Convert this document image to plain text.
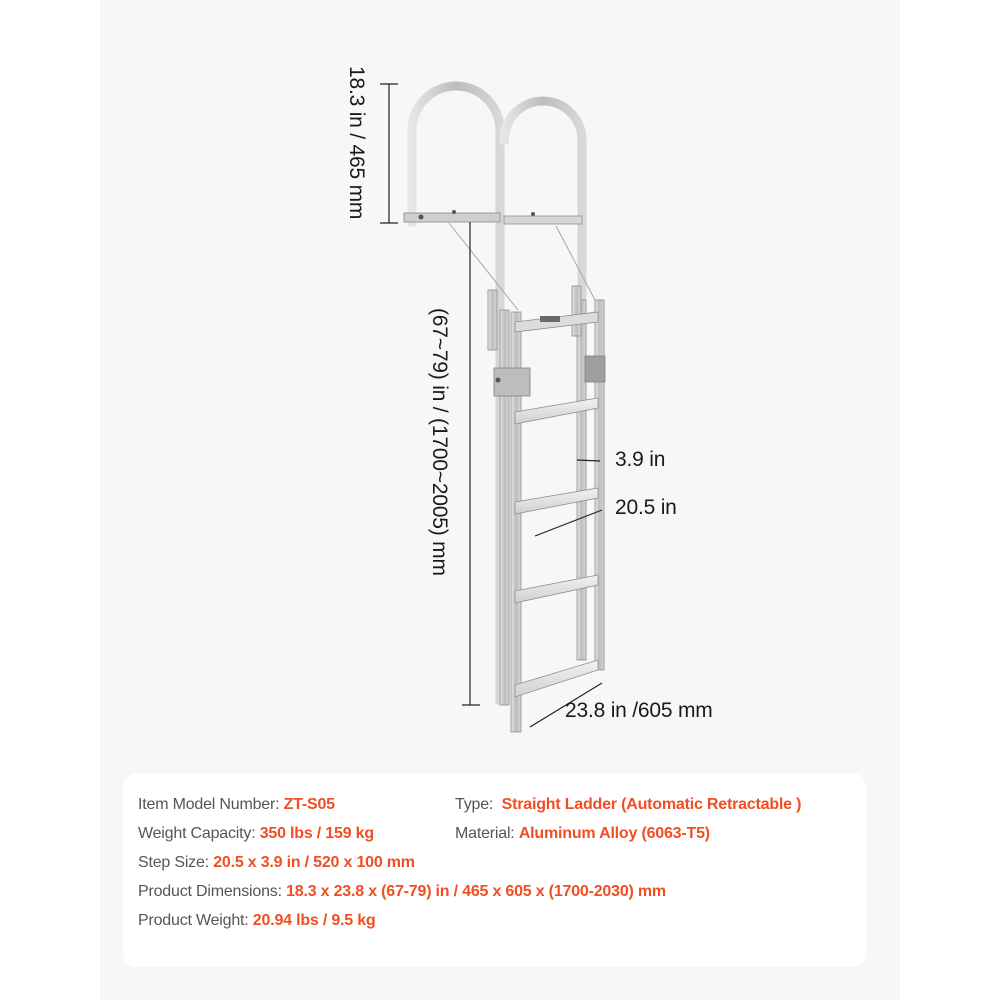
18.3 in / 465 mm
(67~79) in / (1700~2005) mm	3.9 in
20.5 in
23.8 in /605 mm
Item Model Number: ZT-S05
Weight Capacity: 350 lbs / 159 kg
Step Size: 20.5 x 3.9 in / 520 x 100 mm
Product Dimensions: 18.3 x 23.8 x (67-79) in / 465 x 605 x (1700-2030) mm
Product Weight: 20.94 lbs / 9.5 kg
Type:  Straight Ladder (Automatic Retractable )
Material: Aluminum Alloy (6063-T5)
